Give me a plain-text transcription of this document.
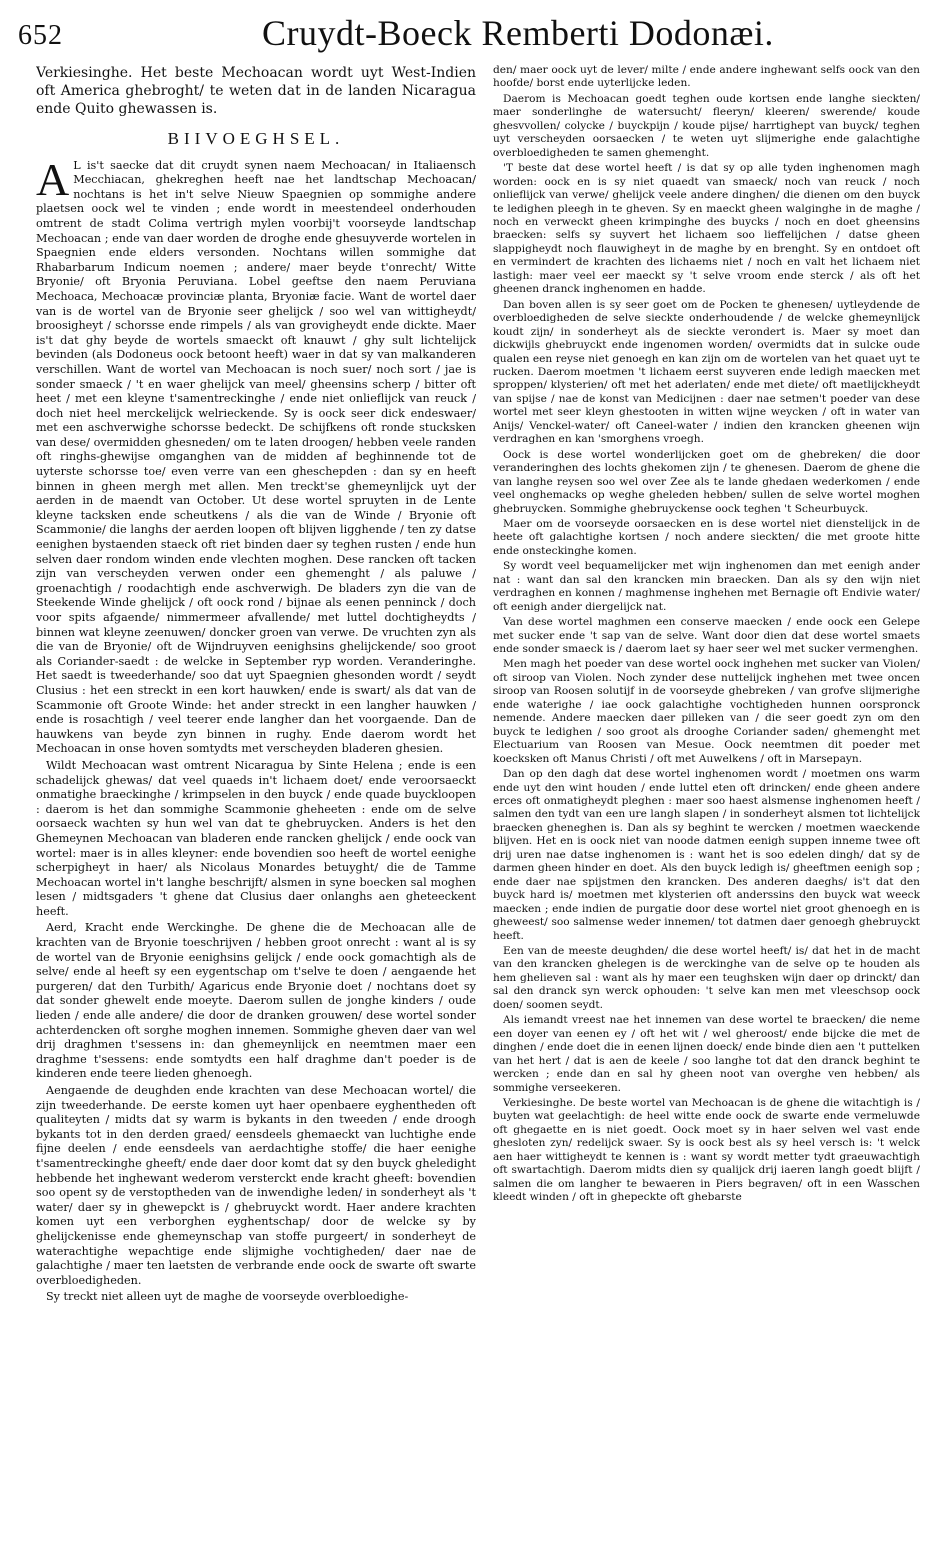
652	Cruydt-Boeck Remberti Dodonæi.

Verkiesinghe. Het beste Mechoacan wordt uyt West-Indien oft America ghebroght/ te weten dat in de landen Nicaragua ende Quito ghewassen is.

BIIVOEGHSEL.

A L is't saecke dat dit cruydt synen naem Mechoacan/ in Italiaensch Mecchiacan, ghekreghen heeft nae het landtschap Mechoacan/ nochtans is het in't selve Nieuw Spaegnien op sommighe andere plaetsen oock wel te vinden ; ende wordt in meestendeel onderhouden omtrent de stadt Colima vertrigh mylen voorbij't voorseyde landtschap Mechoacan ; ende van daer worden de droghe ende ghesuyverde wortelen in Spaegnien ende elders versonden. Nochtans willen sommighe dat Rhabarbarum Indicum noemen ; andere/ maer beyde t'onrecht/ Witte Bryonie/ oft Bryonia Peruviana. Lobel geeftse den naem Peruviana Mechoaca, Mechoacæ provinciæ planta, Bryoniæ facie. Want de wortel daer van is de wortel van de Bryonie seer ghelijck / soo wel van wittigheydt/ broosigheyt / schorsse ende rimpels / als van grovigheydt ende dickte. Maer is't dat ghy beyde de wortels smaeckt oft knauwt / ghy sult lichtelijck bevinden (als Dodoneus oock betoont heeft) waer in dat sy van malkanderen verschillen. Want de wortel van Mechoacan is noch suer/ noch sort / jae is sonder smaeck / 't en waer ghelijck van meel/ gheensins scherp / bitter oft heet / met een kleyne t'samentreckinghe / ende niet onlieflijck van reuck / doch niet heel merckelijck welrieckende. Sy is oock seer dick endeswaer/ met een aschverwighe schorsse bedeckt. De schijfkens oft ronde stucksken van dese/ overmidden ghesneden/ om te laten droogen/ hebben veele randen oft ringhs-ghewijse omganghen van de midden af beghinnende tot de uyterste schorsse toe/ even verre van een gheschepden : dan sy en heeft binnen in gheen mergh met allen. Men treckt'se ghemeynlijck uyt der aerden in de maendt van October. Ut dese wortel spruyten in de Lente kleyne tacksken ende scheutkens / als die van de Winde / Bryonie oft Scammonie/ die langhs der aerden loopen oft blijven ligghende / ten zy datse eenighen bystaenden staeck oft riet binden daer sy teghen rusten / ende hun selven daer rondom winden ende vlechten moghen. Dese rancken oft tacken zijn van verscheyden verwen onder een ghemenght / als paluwe / groenachtigh / roodachtigh ende aschverwigh. De bladers zyn die van de Steekende Winde ghelijck / oft oock rond / bijnae als eenen penninck / doch voor spits afgaende/ nimmermeer afvallende/ met luttel dochtigheydts / binnen wat kleyne zeenuwen/ doncker groen van verwe. De vruchten zyn als die van de Bryonie/ oft de Wijndruyven eenighsins ghelijckende/ soo groot als Coriander-saedt : de welcke in September ryp worden. Veranderinghe. Het saedt is tweederhande/ soo dat uyt Spaegnien ghesonden wordt / seydt Clusius : het een streckt in een kort hauwken/ ende is swart/ als dat van de Scammonie oft Groote Winde: het ander streckt in een langher hauwken / ende is rosachtigh / veel teerer ende langher dan het voorgaende. Dan de hauwkens van beyde zyn binnen in rughy. Ende daerom wordt het Mechoacan in onse hoven somtydts met verscheyden bladeren ghesien.

Wildt Mechoacan wast omtrent Nicaragua by Sinte Helena ; ende is een schadelijck ghewas/ dat veel quaeds in't lichaem doet/ ende veroorsaeckt onmatighe braeckinghe / krimpselen in den buyck / ende quade buyckloopen : daerom is het dan sommighe Scammonie gheheeten : ende om de selve oorsaeck wachten sy hun wel van dat te ghebruycken. Anders is het den Ghemeynen Mechoacan van bladeren ende rancken ghelijck / ende oock van wortel: maer is in alles kleyner: ende bovendien soo heeft de wortel eenighe scherpigheyt in haer/ als Nicolaus Monardes betuyght/ die de Tamme Mechoacan wortel in't langhe beschrijft/ alsmen in syne boecken sal moghen lesen / midtsgaders 't ghene dat Clusius daer onlanghs aen gheteeckent heeft.

Aerd, Kracht ende Werckinghe. De ghene die de Mechoacan alle de krachten van de Bryonie toeschrijven / hebben groot onrecht : want al is sy de wortel van de Bryonie eenighsins gelijck / ende oock gomachtigh als de selve/ ende al heeft sy een eygentschap om t'selve te doen / aengaende het purgeren/ dat den Turbith/ Agaricus ende Bryonie doet / nochtans doet sy dat sonder ghewelt ende moeyte. Daerom sullen de jonghe kinders / oude lieden / ende alle andere/ die door de dranken grouwen/ dese wortel sonder achterdencken oft sorghe moghen innemen. Sommighe gheven daer van wel drij draghmen t'sessens in: dan ghemeynlijck en neemtmen maer een draghme t'sessens: ende somtydts een half draghme dan't poeder is de kinderen ende teere lieden ghenoegh.

Aengaende de deughden ende krachten van dese Mechoacan wortel/ die zijn tweederhande. De eerste komen uyt haer openbaere eyghentheden oft qualiteyten / midts dat sy warm is bykants in den tweeden / ende droogh bykants tot in den derden graed/ eensdeels ghemaeckt van luchtighe ende fijne deelen / ende eensdeels van aerdachtighe stoffe/ die haer eenighe t'samentreckinghe gheeft/ ende daer door komt dat sy den buyck gheledight hebbende het inghewant wederom versterckt ende kracht gheeft: bovendien soo opent sy de verstoptheden van de inwendighe leden/ in sonderheyt als 't water/ daer sy in ghewepckt is / ghebruyckt wordt. Haer andere krachten komen uyt een verborghen eyghentschap/ door de welcke sy by ghelijckenisse ende ghemeynschap van stoffe purgeert/ in sonderheyt de waterachtighe wepachtige ende slijmighe vochtigheden/ daer nae de galachtighe / maer ten laetsten de verbrande ende oock de swarte oft swarte overbloedigheden.

Sy treckt niet alleen uyt de maghe de voorseyde overbloedighe-

den/ maer oock uyt de lever/ milte / ende andere inghewant selfs oock van den hoofde/ borst ende uyterlijcke leden.

Daerom is Mechoacan goedt teghen oude kortsen ende langhe sieckten/ maer sonderlinghe de watersucht/ fleeryn/ kleeren/ swerende/ koude ghesvvollen/ colycke / buyckpijn / koude pijse/ harrtighept van buyck/ teghen uyt verscheyden oorsaecken / te weten uyt slijmerighe ende galachtighe overbloedigheden te samen ghemenght.

'T beste dat dese wortel heeft / is dat sy op alle tyden inghenomen magh worden: oock en is sy niet quaedt van smaeck/ noch van reuck / noch onlieflijck van verwe/ ghelijck veele andere dinghen/ die dienen om den buyck te ledighen pleegh in te gheven. Sy en maeckt gheen walginghe in de maghe / noch en verweckt gheen krimpinghe des buycks / noch en doet gheensins braecken: selfs sy suyvert het lichaem soo lieffelijchen / datse gheen slappigheydt noch flauwigheyt in de maghe by en brenght. Sy en ontdoet oft en vermindert de krachten des lichaems niet / noch en valt het lichaem niet lastigh: maer veel eer maeckt sy 't selve vroom ende sterck / als oft het gheenen dranck inghenomen en hadde.

Dan boven allen is sy seer goet om de Pocken te ghenesen/ uytleydende de overbloedigheden de selve sieckte onderhoudende / de welcke ghemeynlijck koudt zijn/ in sonderheyt als de sieckte verondert is. Maer sy moet dan dickwijls ghebruyckt ende ingenomen worden/ overmidts dat in sulcke oude qualen een reyse niet genoegh en kan zijn om de wortelen van het quaet uyt te rucken. Daerom moetmen 't lichaem eerst suyveren ende ledigh maecken met sproppen/ klysterien/ oft met het aderlaten/ ende met diete/ oft maetlijckheydt van spijse / nae de konst van Medicijnen : daer nae setmen't poeder van dese wortel met seer kleyn ghestooten in witten wijne weycken / oft in water van Anijs/ Venckel-water/ oft Caneel-water / indien den krancken gheenen wijn verdraghen en kan 'smorghens vroegh.

Oock is dese wortel wonderlijcken goet om de ghebreken/ die door veranderinghen des lochts ghekomen zijn / te ghenesen. Daerom de ghene die van langhe reysen soo wel over Zee als te lande ghedaen wederkomen / ende veel onghemacks op weghe gheleden hebben/ sullen de selve wortel moghen ghebruycken. Sommighe ghebruyckense oock teghen 't Scheurbuyck.

Maer om de voorseyde oorsaecken en is dese wortel niet dienstelijck in de heete oft galachtighe kortsen / noch andere sieckten/ die met groote hitte ende onsteckinghe komen.

Sy wordt veel bequamelijcker met wijn inghenomen dan met eenigh ander nat : want dan sal den krancken min braecken. Dan als sy den wijn niet verdraghen en konnen / maghmense inghehen met Bernagie oft Endivie water/ oft eenigh ander diergelijck nat.

Van dese wortel maghmen een conserve maecken / ende oock een Gelepe met sucker ende 't sap van de selve. Want door dien dat dese wortel smaets ende sonder smaeck is / daerom laet sy haer seer wel met sucker vermenghen.

Men magh het poeder van dese wortel oock inghehen met sucker van Violen/ oft siroop van Violen. Noch zynder dese nuttelijck inghehen met twee oncen siroop van Roosen solutijf in de voorseyde ghebreken / van grofve slijmerighe ende waterighe / iae oock galachtighe vochtigheden hunnen oorspronck nemende. Andere maecken daer pilleken van / die seer goedt zyn om den buyck te ledighen / soo groot als drooghe Coriander saden/ ghemenght met Electuarium van Roosen van Mesue. Oock neemtmen dit poeder met koecksken oft Manus Christi / oft met Auwelkens / oft in Marsepayn.

Dan op den dagh dat dese wortel inghenomen wordt / moetmen ons warm ende uyt den wint houden / ende luttel eten oft drincken/ ende gheen andere erces oft onmatigheydt pleghen : maer soo haest alsmense inghenomen heeft / salmen den tydt van een ure langh slapen / in sonderheyt alsmen tot lichtelijck braecken gheneghen is. Dan als sy beghint te wercken / moetmen waeckende blijven. Het en is oock niet van noode datmen eenigh suppen inneme twee oft drij uren nae datse inghenomen is : want het is soo edelen dingh/ dat sy de darmen gheen hinder en doet. Als den buyck ledigh is/ gheeftmen eenigh sop ; ende daer nae spijstmen den krancken. Des anderen daeghs/ is't dat den buyck hard is/ moetmen met klysterien oft anderssins den buyck wat weeck maecken ; ende indien de purgatie door dese wortel niet groot ghenoegh en is gheweest/ soo salmense weder innemen/ tot datmen daer genoegh ghebruyckt heeft.

Een van de meeste deughden/ die dese wortel heeft/ is/ dat het in de macht van den krancken ghelegen is de werckinghe van de selve op te houden als hem ghelieven sal : want als hy maer een teughsken wijn daer op drinckt/ dan sal den dranck syn werck ophouden: 't selve kan men met vleeschsop oock doen/ soomen seydt.

Als iemandt vreest nae het innemen van dese wortel te braecken/ die neme een doyer van eenen ey / oft het wit / wel gheroost/ ende bijcke die met de dinghen / ende doet die in eenen lijnen doeck/ ende binde dien aen 't puttelken van het hert / dat is aen de keele / soo langhe tot dat den dranck beghint te wercken ; ende dan en sal hy gheen noot van overghe ven hebben/ als sommighe verseekeren.

Verkiesinghe. De beste wortel van Mechoacan is de ghene die witachtigh is / buyten wat geelachtigh: de heel witte ende oock de swarte ende vermeluwde oft ghegaette en is niet goedt. Oock moet sy in haer selven wel vast ende ghesloten zyn/ redelijck swaer. Sy is oock best als sy heel versch is: 't welck aen haer wittigheydt te kennen is : want sy wordt metter tydt graeuwachtigh oft swartachtigh. Daerom midts dien sy qualijck drij iaeren langh goedt blijft / salmen die om langher te bewaeren in Piers begraven/ oft in een Wasschen kleedt winden / oft in ghepeckte oft ghebarste
